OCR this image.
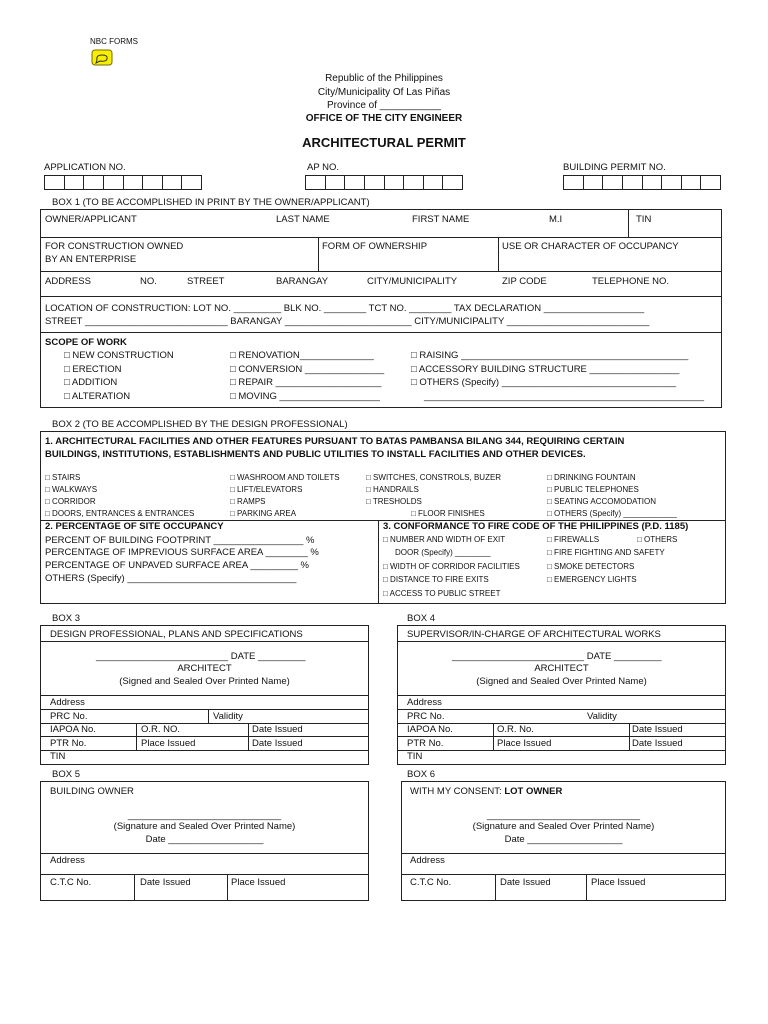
NBC FORMS
Republic of the Philippines
City/Municipality Of Las Piñas
Province of ___________
OFFICE OF THE CITY ENGINEER
ARCHITECTURAL PERMIT
APPLICATION NO.	AP NO.	BUILDING PERMIT NO.
BOX 1 (TO BE ACCOMPLISHED IN PRINT BY THE OWNER/APPLICANT)
OWNER/APPLICANT	LAST NAME	FIRST NAME	M.I	TIN
FOR CONSTRUCTION OWNED
BY AN ENTERPRISE
FORM OF OWNERSHIP	USE OR CHARACTER OF OCCUPANCY
ADDRESS	NO.	STREET	BARANGAY	CITY/MUNICIPALITY	ZIP CODE	TELEPHONE NO.
LOCATION OF CONSTRUCTION: LOT NO. _________ BLK NO. ________ TCT NO. ________ TAX DECLARATION ___________________
STREET ___________________________ BARANGAY ________________________ CITY/MUNICIPALITY ___________________________
SCOPE OF WORK
□ NEW CONSTRUCTION
□ ERECTION
□ ADDITION
□ ALTERATION
□ RENOVATION______________
□ CONVERSION _______________
□ REPAIR ____________________
□ MOVING ___________________
□ RAISING ___________________________________________
□ ACCESSORY BUILDING STRUCTURE _________________
□ OTHERS (Specify) _________________________________
_____________________________________________________
BOX 2 (TO BE ACCOMPLISHED BY THE DESIGN PROFESSIONAL)
1. ARCHITECTURAL FACILITIES AND OTHER FEATURES PURSUANT TO BATAS PAMBANSA BILANG 344, REQUIRING CERTAIN
BUILDINGS, INSTITUTIONS, ESTABLISHMENTS AND PUBLIC UTILITIES TO INSTALL FACILITIES AND OTHER DEVICES.
□ STAIRS
□ WALKWAYS
□ CORRIDOR
□ DOORS, ENTRANCES & ENTRANCES
□ WASHROOM AND TOILETS
□ LIFT/ELEVATORS
□ RAMPS
□ PARKING AREA
□ SWITCHES, CONSTROLS, BUZER
□ HANDRAILS
□ TRESHOLDS
□ FLOOR FINISHES
□ DRINKING FOUNTAIN
□ PUBLIC TELEPHONES
□ SEATING ACCOMODATION
□ OTHERS (Specify) ____________
2. PERCENTAGE OF SITE OCCUPANCY
PERCENT OF BUILDING FOOTPRINT _________________ %
PERCENTAGE OF IMPREVIOUS SURFACE AREA ________ %
PERCENTAGE OF UNPAVED SURFACE AREA _________ %
OTHERS (Specify) ________________________________
3. CONFORMANCE TO FIRE CODE OF THE PHILIPPINES (P.D. 1185)
□ NUMBER AND WIDTH OF EXIT
DOOR (Specify) ________
□ WIDTH OF CORRIDOR FACILITIES
□ DISTANCE TO FIRE EXITS
□ ACCESS TO PUBLIC STREET
□ FIREWALLS	□ OTHERS
□ FIRE FIGHTING AND SAFETY
□ SMOKE DETECTORS
□ EMERGENCY LIGHTS
BOX 3
DESIGN PROFESSIONAL, PLANS AND SPECIFICATIONS
_________________________ DATE _________
ARCHITECT
(Signed and Sealed Over Printed Name)
Address
PRC No.	Validity
IAPOA No.	O.R. NO.	Date Issued
PTR No.	Place Issued	Date Issued
TIN
BOX 4
SUPERVISOR/IN-CHARGE OF ARCHITECTURAL WORKS
_________________________ DATE _________
ARCHITECT
(Signed and Sealed Over Printed Name)
Address
PRC No.	Validity
IAPOA No.	O.R. No.	Date Issued
PTR No.	Place Issued	Date Issued
TIN
BOX 5
BUILDING OWNER
_____________________________
(Signature and Sealed Over Printed Name)
Date __________________
Address
C.T.C No.	Date Issued	Place Issued
BOX 6
WITH MY CONSENT: LOT OWNER
_____________________________
(Signature and Sealed Over Printed Name)
Date __________________
Address
C.T.C No.	Date Issued	Place Issued
